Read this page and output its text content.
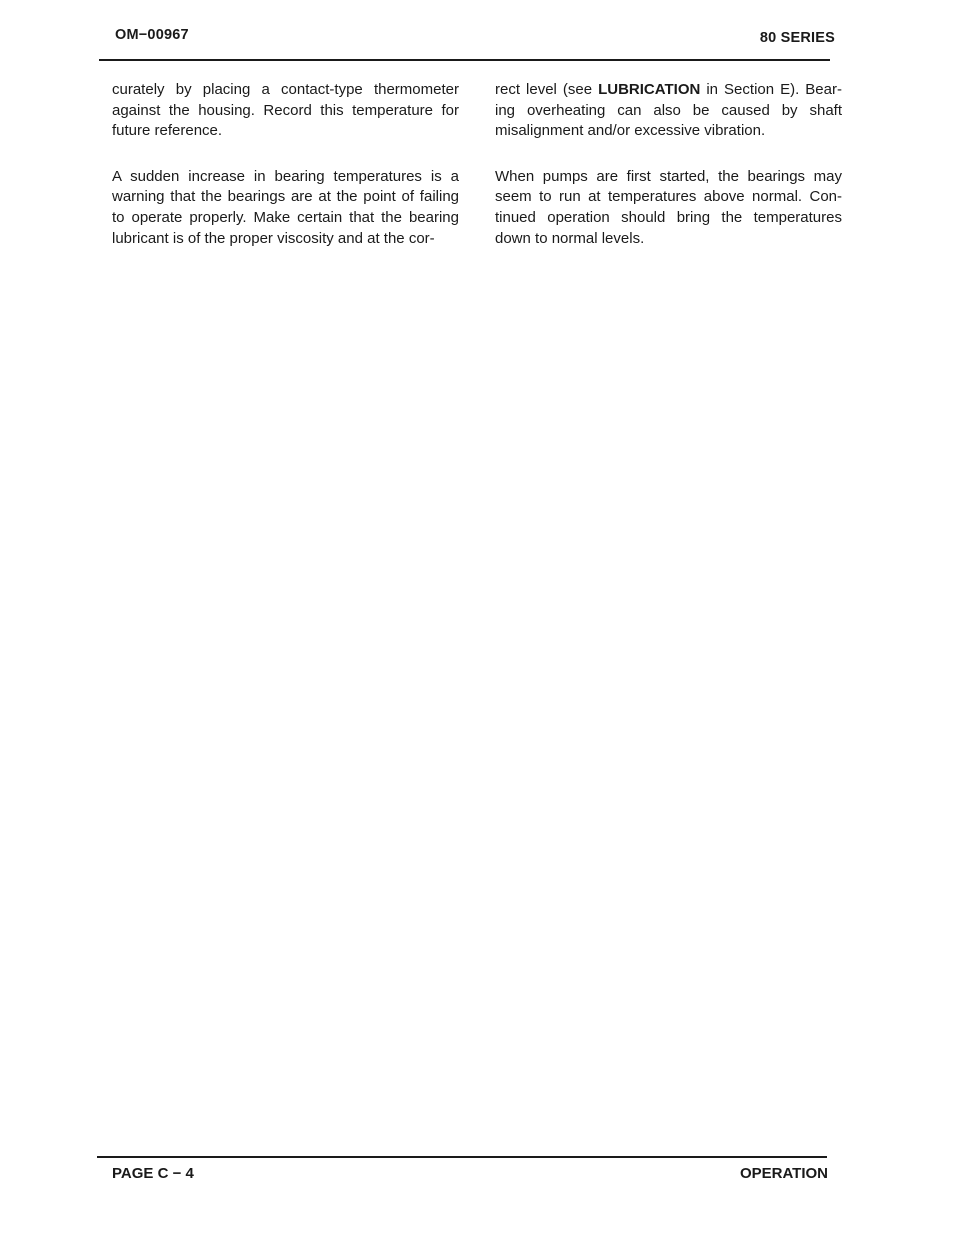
OM−00967	80 SERIES

curately by placing a contact‑type thermometer against the housing. Record this temperature for future reference.

A sudden increase in bearing temperatures is a warning that the bearings are at the point of failing to operate properly. Make certain that the bearing lubricant is of the proper viscosity and at the cor-

rect level (see LUBRICATION in Section E). Bear-ing overheating can also be caused by shaft misalignment and/or excessive vibration.

When pumps are first started, the bearings may seem to run at temperatures above normal. Con-tinued operation should bring the temperatures down to normal levels.

PAGE C − 4	OPERATION
